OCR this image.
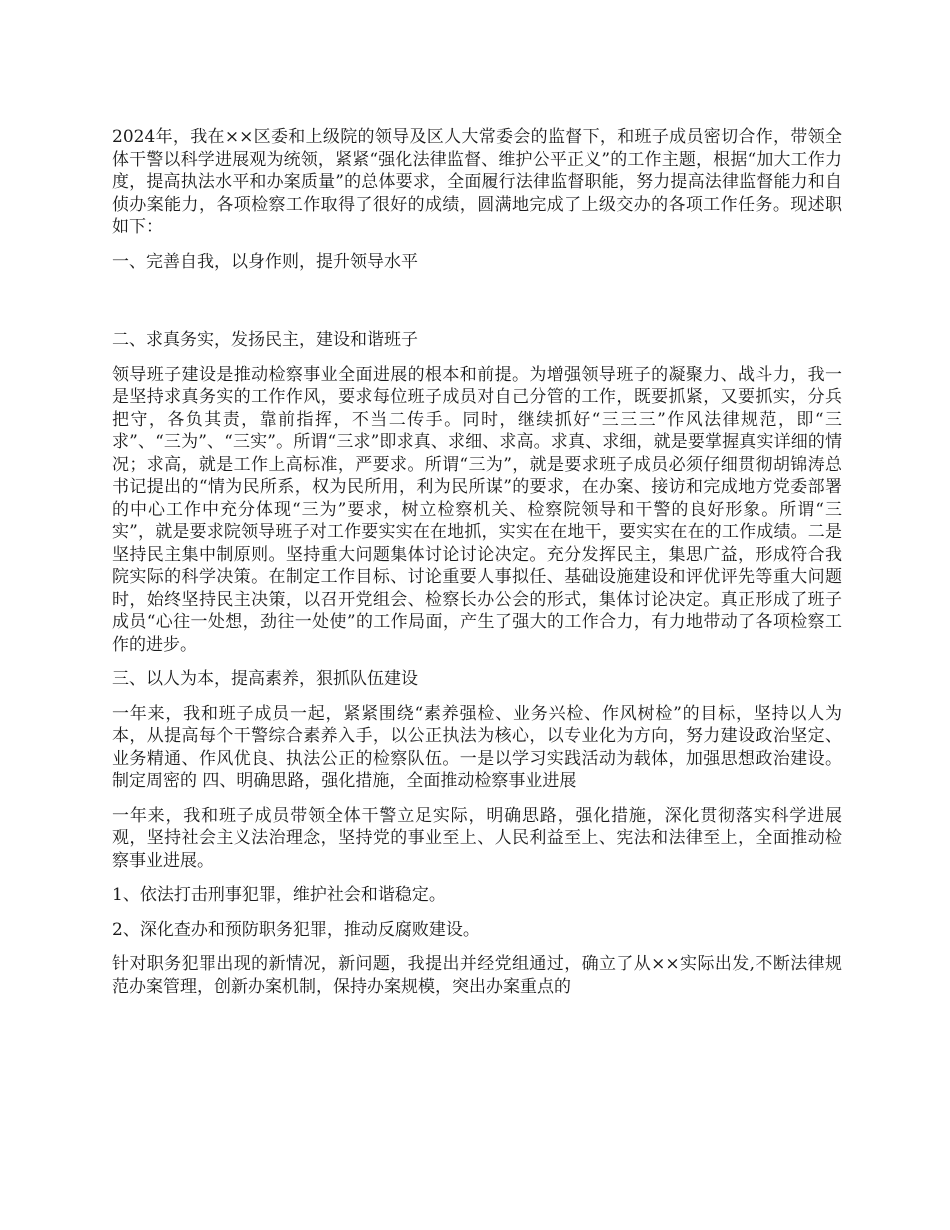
2024年，我在××区委和上级院的领导及区人大常委会的监督下，和班子成员密切合作，带领全体干警以科学进展观为统领，紧紧“强化法律监督、维护公平正义”的工作主题，根据“加大工作力度，提高执法水平和办案质量”的总体要求，全面履行法律监督职能，努力提高法律监督能力和自侦办案能力，各项检察工作取得了很好的成绩，圆满地完成了上级交办的各项工作任务。现述职如下：

一、完善自我，以身作则，提升领导水平

二、求真务实，发扬民主，建设和谐班子

领导班子建设是推动检察事业全面进展的根本和前提。为增强领导班子的凝聚力、战斗力，我一是坚持求真务实的工作作风，要求每位班子成员对自己分管的工作，既要抓紧，又要抓实，分兵把守，各负其责，靠前指挥，不当二传手。同时，继续抓好“三三三”作风法律规范，即“三求”、“三为”、“三实”。所谓“三求”即求真、求细、求高。求真、求细，就是要掌握真实详细的情况；求高，就是工作上高标准，严要求。所谓“三为”，就是要求班子成员必须仔细贯彻胡锦涛总书记提出的“情为民所系，权为民所用，利为民所谋”的要求，在办案、接访和完成地方党委部署的中心工作中充分体现“三为”要求，树立检察机关、检察院领导和干警的良好形象。所谓“三实”，就是要求院领导班子对工作要实实在在地抓，实实在在地干，要实实在在的工作成绩。二是坚持民主集中制原则。坚持重大问题集体讨论讨论决定。充分发挥民主，集思广益，形成符合我院实际的科学决策。在制定工作目标、讨论重要人事拟任、基础设施建设和评优评先等重大问题时，始终坚持民主决策，以召开党组会、检察长办公会的形式，集体讨论决定。真正形成了班子成员“心往一处想，劲往一处使”的工作局面，产生了强大的工作合力，有力地带动了各项检察工作的进步。

三、以人为本，提高素养，狠抓队伍建设

一年来，我和班子成员一起，紧紧围绕“素养强检、业务兴检、作风树检”的目标，坚持以人为本，从提高每个干警综合素养入手，以公正执法为核心，以专业化为方向，努力建设政治坚定、业务精通、作风优良、执法公正的检察队伍。一是以学习实践活动为载体，加强思想政治建设。制定周密的 四、明确思路，强化措施，全面推动检察事业进展

一年来，我和班子成员带领全体干警立足实际，明确思路，强化措施，深化贯彻落实科学进展观，坚持社会主义法治理念，坚持党的事业至上、人民利益至上、宪法和法律至上，全面推动检察事业进展。

1、依法打击刑事犯罪，维护社会和谐稳定。

2、深化查办和预防职务犯罪，推动反腐败建设。

针对职务犯罪出现的新情况，新问题，我提出并经党组通过，确立了从××实际出发,不断法律规范办案管理，创新办案机制，保持办案规模，突出办案重点的
